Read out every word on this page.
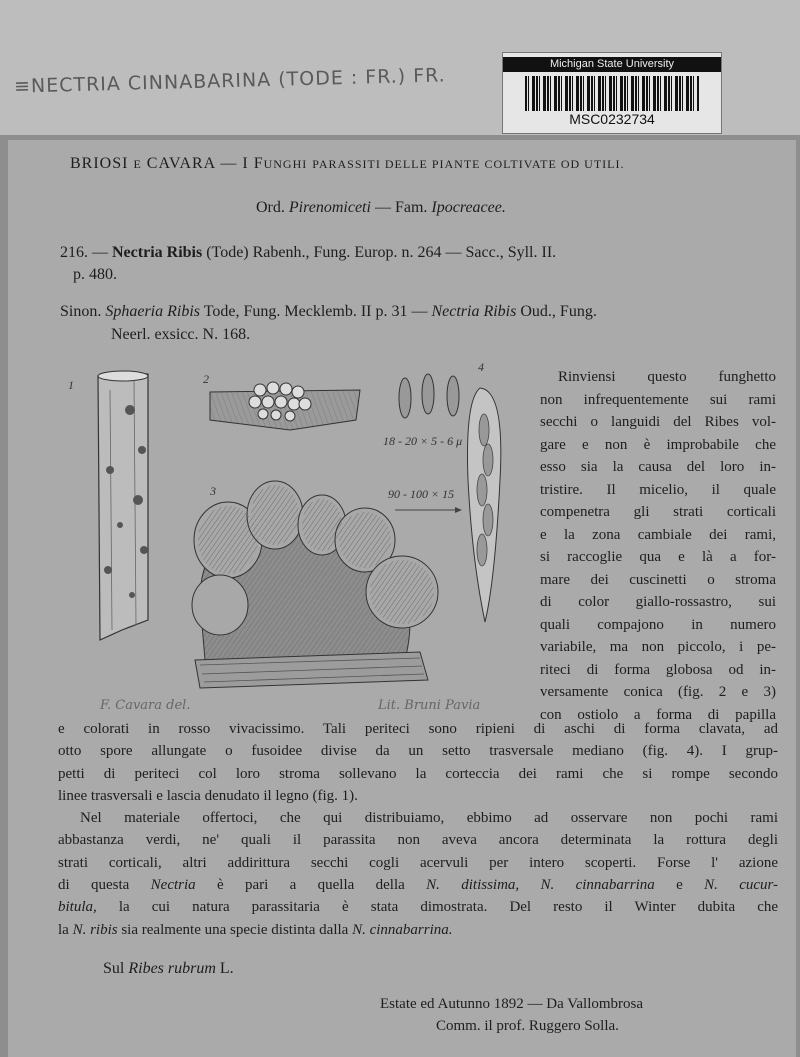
≡NECTRIA CINNABARINA (TODE : FR.) FR.
Michigan State University
MSC0232734
BRIOSI E CAVARA — I FUNGHI PARASSITI DELLE PIANTE COLTIVATE OD UTILI.
Ord. Pirenomiceti — Fam. Ipocreacee.
216. — Nectria Ribis (Tode) Rabenh., Fung. Europ. n. 264 — Sacc., Syll. II.
p. 480.
Sinon. Sphaeria Ribis Tode, Fung. Mecklemb. II p. 31 — Nectria Ribis Oud., Fung.
Neerl. exsicc. N. 168.
1	2
3
4
18 - 20 × 5 - 6 μ
90 - 100 × 15
F. Cavara del.	Lit. Bruni Pavia
Rinviensi questo funghetto
non infrequentemente sui rami
secchi o languidi del Ribes vol-
gare e non è improbabile che
esso sia la causa del loro in-
tristire. Il micelio, il quale
compenetra gli strati corticali
e la zona cambiale dei rami,
si raccoglie qua e là a for-
mare dei cuscinetti o stroma
di color giallo-rossastro, sui
quali compajono in numero
variabile, ma non piccolo, i pe-
riteci di forma globosa od in-
versamente conica (fig. 2 e 3)
con ostiolo a forma di papilla
e colorati in rosso vivacissimo. Tali periteci sono ripieni di aschi di forma clavata, ad
otto spore allungate o fusoidee divise da un setto trasversale mediano (fig. 4). I grup-
petti di periteci col loro stroma sollevano la corteccia dei rami che si rompe secondo
linee trasversali e lascia denudato il legno (fig. 1).
Nel materiale offertoci, che qui distribuiamo, ebbimo ad osservare non pochi rami
abbastanza verdi, ne' quali il parassita non aveva ancora determinata la rottura degli
strati corticali, altri addirittura secchi cogli acervuli per intero scoperti. Forse l' azione
di questa Nectria è pari a quella della N. ditissima, N. cinnabarrina e N. cucur-
bitula, la cui natura parassitaria è stata dimostrata. Del resto il Winter dubita che
la N. ribis sia realmente una specie distinta dalla N. cinnabarrina.
Sul Ribes rubrum L.
Estate ed Autunno 1892 — Da Vallombrosa
Comm. il prof. Ruggero Solla.
